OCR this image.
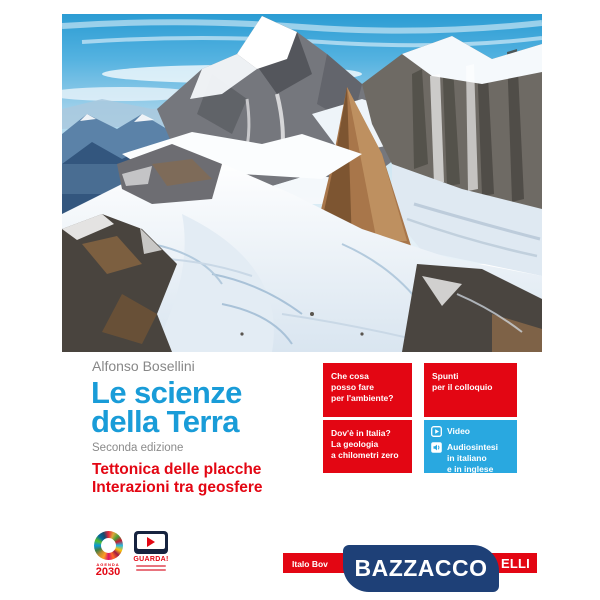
Alfonso Bosellini
Le scienze
della Terra
Seconda edizione
Tettonica delle placche
Interazioni tra geosfere
Che cosa
posso fare
per l'ambiente?
Spunti
per il colloquio
Dov'è in Italia?
La geologia
a chilometri zero
Video
Audiosintesi
in italiano
e in inglese
AGENDA
2030
GUARDA!	Italo Bov	ELLI
BAZZACCO
